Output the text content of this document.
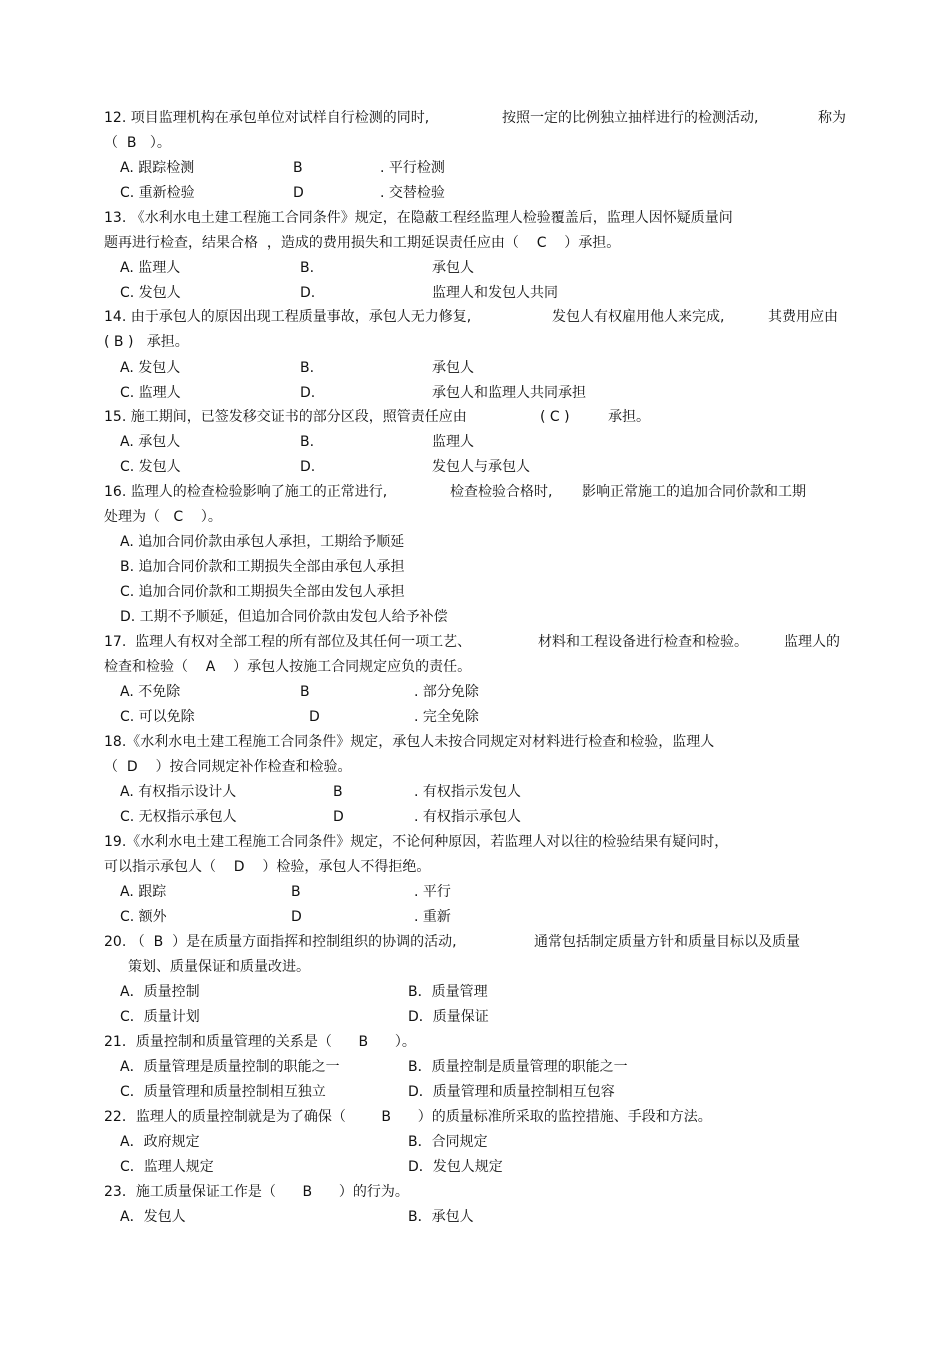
12. 项目监理机构在承包单位对试样自行检测的同时,	按照一定的比例独立抽样进行的检测活动,	称为
（  B   ）。
A. 跟踪检测	B	. 平行检测
C. 重新检验	D	. 交替检验
13. 《水利水电土建工程施工合同条件》规定，在隐蔽工程经监理人检验覆盖后，监理人因怀疑质量问
题再进行检查，结果合格  ，造成的费用损失和工期延误责任应由（    C    ）承担。
A. 监理人	B.	承包人
C. 发包人	D.	监理人和发包人共同
14. 由于承包人的原因出现工程质量事故，承包人无力修复,	发包人有权雇用他人来完成,	其费用应由
( B )   承担。
A. 发包人	B.	承包人
C. 监理人	D.	承包人和监理人共同承担
15. 施工期间，已签发移交证书的部分区段，照管责任应由	( C )	承担。
A. 承包人	B.	监理人
C. 发包人	D.	发包人与承包人
16. 监理人的检查检验影响了施工的正常进行,	检查检验合格时, 影响正常施工的追加合同价款和工期
处理为（   C    ）。
A. 追加合同价款由承包人承担，工期给予顺延
B. 追加合同价款和工期损失全部由承包人承担
C. 追加合同价款和工期损失全部由发包人承担
D. 工期不予顺延，但追加合同价款由发包人给予补偿
17.  监理人有权对全部工程的所有部位及其任何一项工艺、	材料和工程设备进行检查和检验。	监理人的
检查和检验（    A    ）承包人按施工合同规定应负的责任。
A. 不免除	B	. 部分免除
C. 可以免除	D	. 完全免除
18.《水利水电土建工程施工合同条件》规定，承包人未按合同规定对材料进行检查和检验，监理人
（  D    ）按合同规定补作检查和检验。
A. 有权指示设计人	B	. 有权指示发包人
C. 无权指示承包人	D	. 有权指示承包人
19.《水利水电土建工程施工合同条件》规定，不论何种原因，若监理人对以往的检验结果有疑问时，
可以指示承包人（    D    ）检验，承包人不得拒绝。
A. 跟踪	B	. 平行
C. 额外	D	. 重新
20. （  B  ）是在质量方面指挥和控制组织的协调的活动,	通常包括制定质量方针和质量目标以及质量
策划、质量保证和质量改进。
A．质量控制	B．质量管理
C．质量计划	D．质量保证
21．质量控制和质量管理的关系是（      B      ）。
A．质量管理是质量控制的职能之一	B．质量控制是质量管理的职能之一
C．质量管理和质量控制相互独立	D．质量管理和质量控制相互包容
22．监理人的质量控制就是为了确保（        B      ）的质量标准所采取的监控措施、手段和方法。
A．政府规定	B．合同规定
C．监理人规定	D．发包人规定
23．施工质量保证工作是（      B      ）的行为。
A．发包人	B．承包人
